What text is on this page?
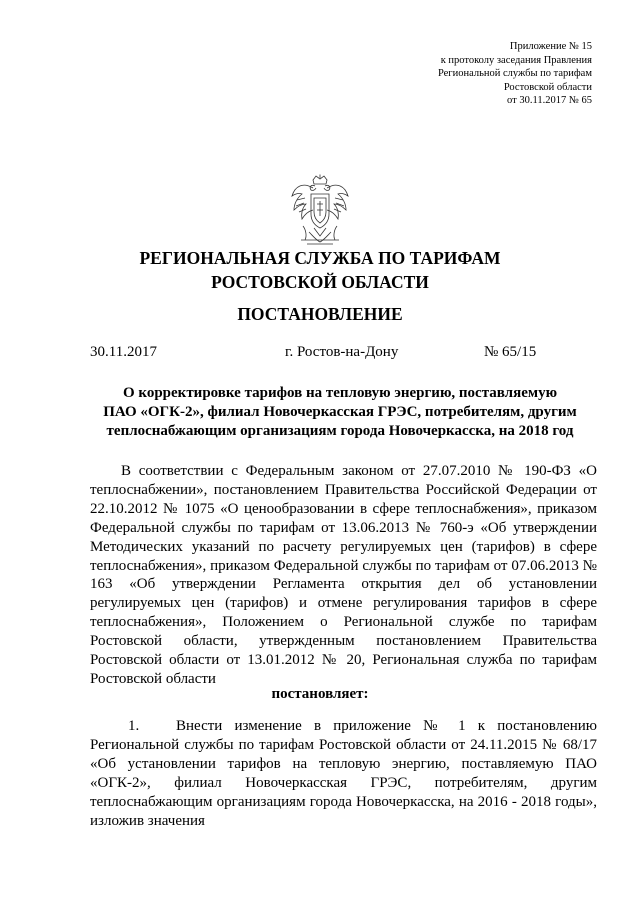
Приложение № 15
к протоколу заседания Правления
Региональной службы по тарифам
Ростовской области
от 30.11.2017 № 65
РЕГИОНАЛЬНАЯ СЛУЖБА ПО ТАРИФАМ
РОСТОВСКОЙ ОБЛАСТИ
ПОСТАНОВЛЕНИЕ
30.11.2017	г. Ростов-на-Дону	№ 65/15
О корректировке тарифов на тепловую энергию, поставляемую
ПАО «ОГК-2», филиал Новочеркасская ГРЭС, потребителям, другим
теплоснабжающим организациям города Новочеркасска, на 2018 год
В соответствии с Федеральным законом от 27.07.2010 № 190-ФЗ «О теплоснабжении», постановлением Правительства Российской Федерации от 22.10.2012 № 1075 «О ценообразовании в сфере теплоснабжения», приказом Федеральной службы по тарифам от 13.06.2013 № 760-э «Об утверждении Методических указаний по расчету регулируемых цен (тарифов) в сфере теплоснабжения», приказом Федеральной службы по тарифам от 07.06.2013 № 163 «Об утверждении Регламента открытия дел об установлении регулируемых цен (тарифов) и отмене регулирования тарифов в сфере теплоснабжения», Положением о Региональной службе по тарифам Ростовской области, утвержденным постановлением Правительства Ростовской области от 13.01.2012 № 20, Региональная служба по тарифам Ростовской области
постановляет:
1. Внести изменение в приложение № 1 к постановлению Региональной службы по тарифам Ростовской области от 24.11.2015 № 68/17 «Об установлении тарифов на тепловую энергию, поставляемую ПАО «ОГК-2», филиал Новочеркасская ГРЭС, потребителям, другим теплоснабжающим организациям города Новочеркасска, на 2016 - 2018 годы», изложив значения
